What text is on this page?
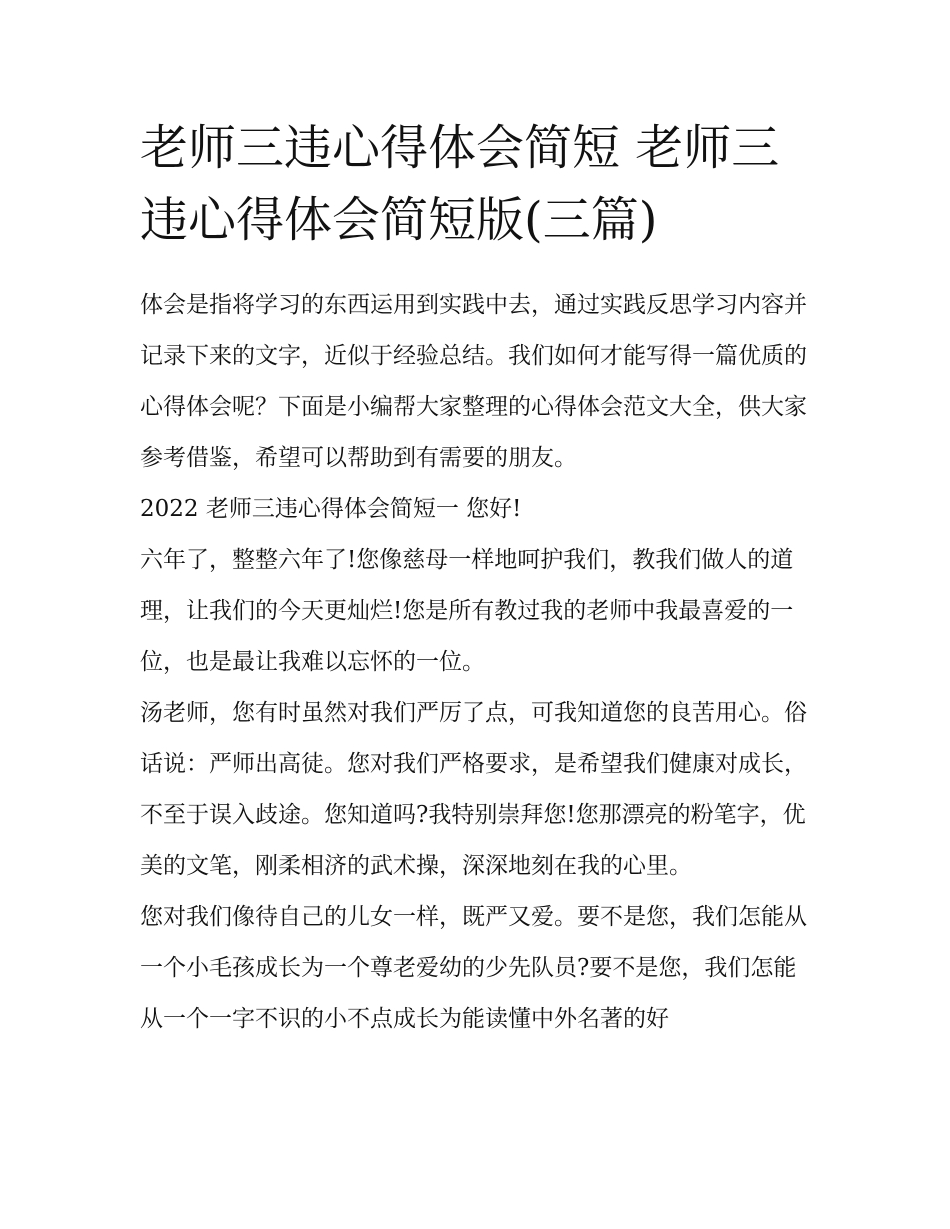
老师三违心得体会简短 老师三违心得体会简短版(三篇)

体会是指将学习的东西运用到实践中去，通过实践反思学习内容并记录下来的文字，近似于经验总结。我们如何才能写得一篇优质的心得体会呢？下面是小编帮大家整理的心得体会范文大全，供大家参考借鉴，希望可以帮助到有需要的朋友。

2022 老师三违心得体会简短一 您好!

六年了，整整六年了!您像慈母一样地呵护我们，教我们做人的道理，让我们的今天更灿烂!您是所有教过我的老师中我最喜爱的一位，也是最让我难以忘怀的一位。

汤老师，您有时虽然对我们严厉了点，可我知道您的良苦用心。俗话说：严师出高徒。您对我们严格要求，是希望我们健康对成长，不至于误入歧途。您知道吗?我特别崇拜您!您那漂亮的粉笔字，优美的文笔，刚柔相济的武术操，深深地刻在我的心里。

您对我们像待自己的儿女一样，既严又爱。要不是您，我们怎能从一个小毛孩成长为一个尊老爱幼的少先队员?要不是您，我们怎能从一个一字不识的小不点成长为能读懂中外名著的好
